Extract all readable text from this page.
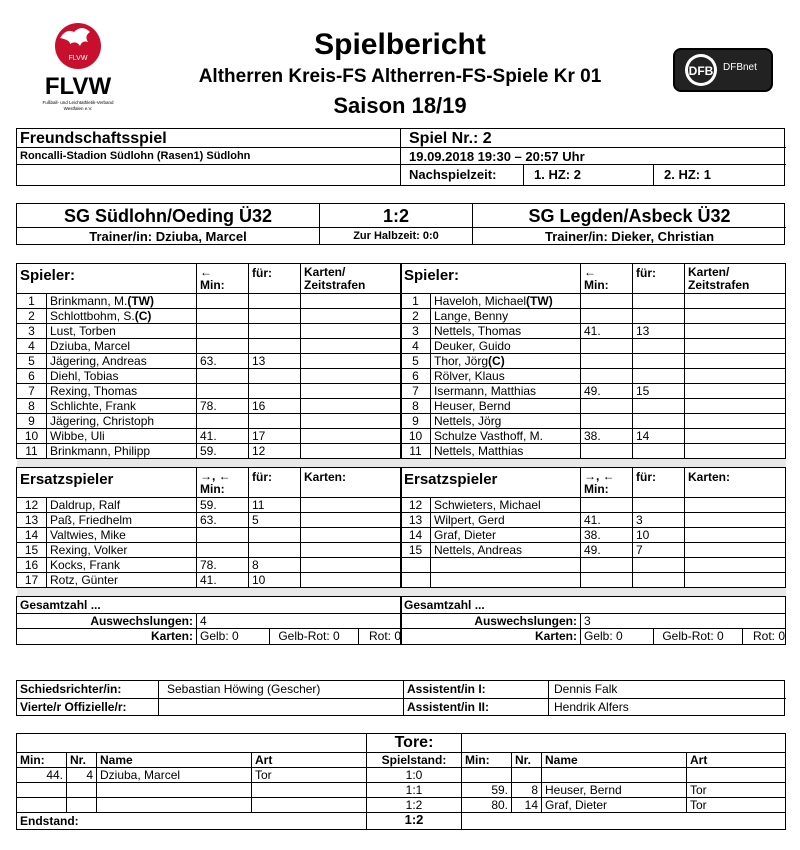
FLVW
FLVW
Fußball- und Leichtathletik-Verband Westfalen e.V.
Spielbericht
Altherren Kreis-FS Altherren-FS-Spiele Kr 01
Saison 18/19
DFB DFBnet
Freundschaftsspiel
Roncalli-Stadion Südlohn (Rasen1) Südlohn
Spiel Nr.: 2
19.09.2018 19:30 – 20:57 Uhr
Nachspielzeit:	1. HZ: 2	2. HZ: 1
SG Südlohn/Oeding Ü32	1:2	SG Legden/Asbeck Ü32
Trainer/in: Dziuba, Marcel	Zur Halbzeit: 0:0	Trainer/in: Dieker, Christian
Spieler:		←
Min:	für:	Karten/
Zeitstrafen
1	Brinkmann, M.(TW)			
2	Schlottbohm, S.(C)			
3	Lust, Torben			
4	Dziuba, Marcel			
5	Jägering, Andreas	63.	13	
6	Diehl, Tobias			
7	Rexing, Thomas			
8	Schlichte, Frank	78.	16	
9	Jägering, Christoph			
10	Wibbe, Uli	41.	17	
11	Brinkmann, Philipp	59.	12	

Ersatzspieler		→, ←
Min:	für:	Karten:
12	Daldrup, Ralf	59.	11	
13	Paß, Friedhelm	63.	5	
14	Valtwies, Mike			
15	Rexing, Volker			
16	Kocks, Frank	78.	8	
17	Rotz, Günter	41.	10	

Gesamtzahl ...				
Auswechslungen:		4		
Karten:		Gelb: 0 Gelb-Rot: 0 Rot: 0		
Spieler:		←
Min:	für:	Karten/
Zeitstrafen
1	Haveloh, Michael(TW)			
2	Lange, Benny			
3	Nettels, Thomas	41.	13	
4	Deuker, Guido			
5	Thor, Jörg(C)			
6	Rölver, Klaus			
7	Isermann, Matthias	49.	15	
8	Heuser, Bernd			
9	Nettels, Jörg			
10	Schulze Vasthoff, M.	38.	14	
11	Nettels, Matthias			

Ersatzspieler		→, ←
Min:	für:	Karten:
12	Schwieters, Michael			
13	Wilpert, Gerd	41.	3	
14	Graf, Dieter	38.	10	
15	Nettels, Andreas	49.	7	

Gesamtzahl ...				
Auswechslungen:		3		
Karten:		Gelb: 0 Gelb-Rot: 0 Rot: 0		
Schiedsrichter/in:	Sebastian Höwing (Gescher)	Assistent/in I:	Dennis Falk
Vierte/r Offizielle/r:	Assistent/in II:	Hendrik Alfers
				Tore:				
Min:	Nr.	Name	Art	Spielstand:	Min:	Nr.	Name	Art
44.	4	Dziuba, Marcel	Tor	1:0				
				1:1	59.	8	Heuser, Bernd	Tor
				1:2	80.	14	Graf, Dieter	Tor
Endstand:				1:2				
